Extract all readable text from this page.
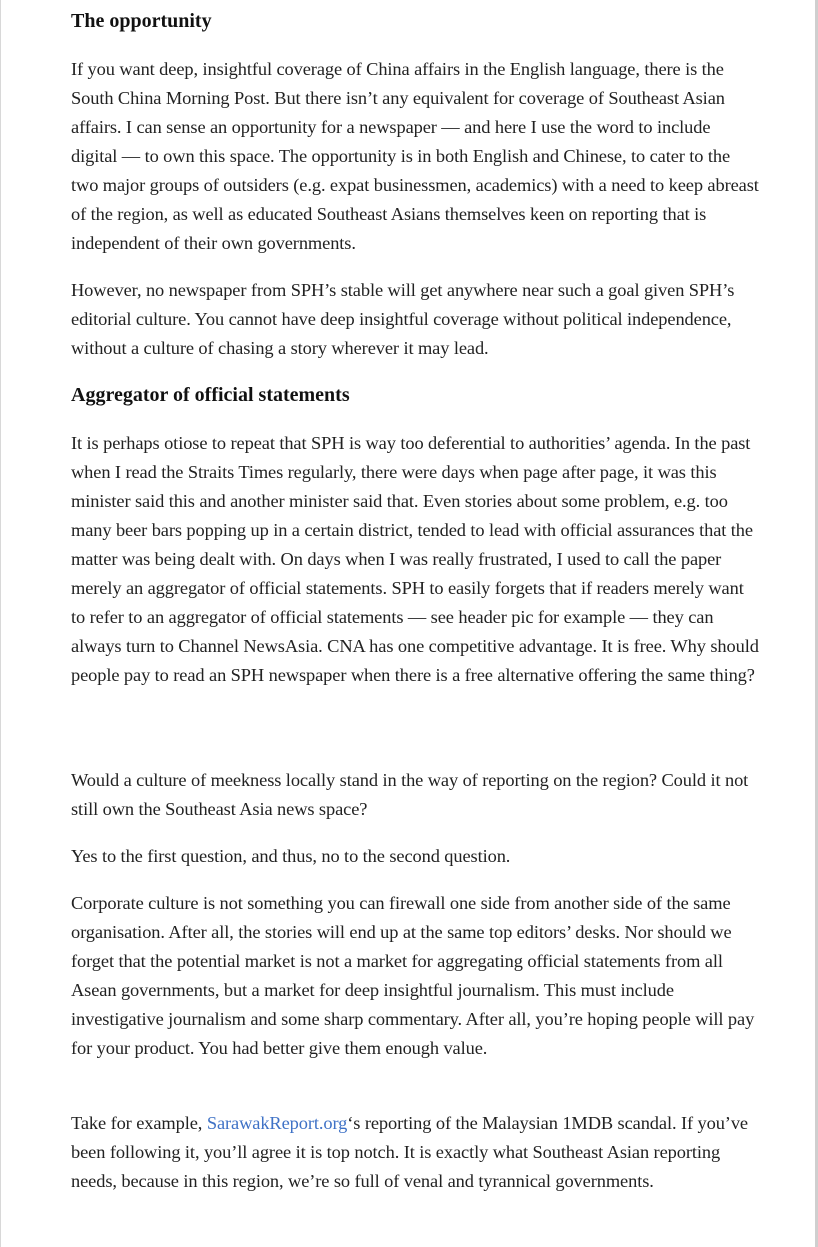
The opportunity

If you want deep, insightful coverage of China affairs in the English language, there is the South China Morning Post. But there isn’t any equivalent for coverage of Southeast Asian affairs. I can sense an opportunity for a newspaper — and here I use the word to include digital — to own this space. The opportunity is in both English and Chinese, to cater to the two major groups of outsiders (e.g. expat businessmen, academics) with a need to keep abreast of the region, as well as educated Southeast Asians themselves keen on reporting that is independent of their own governments.

However, no newspaper from SPH’s stable will get anywhere near such a goal given SPH’s editorial culture. You cannot have deep insightful coverage without political independence, without a culture of chasing a story wherever it may lead.

Aggregator of official statements

It is perhaps otiose to repeat that SPH is way too deferential to authorities’ agenda. In the past when I read the Straits Times regularly, there were days when page after page, it was this minister said this and another minister said that. Even stories about some problem, e.g. too many beer bars popping up in a certain district, tended to lead with official assurances that the matter was being dealt with. On days when I was really frustrated, I used to call the paper merely an aggregator of official statements. SPH to easily forgets that if readers merely want to refer to an aggregator of official statements — see header pic for example — they can always turn to Channel NewsAsia. CNA has one competitive advantage. It is free. Why should people pay to read an SPH newspaper when there is a free alternative offering the same thing?

Would a culture of meekness locally stand in the way of reporting on the region? Could it not still own the Southeast Asia news space?

Yes to the first question, and thus, no to the second question.

Corporate culture is not something you can firewall one side from another side of the same organisation. After all, the stories will end up at the same top editors’ desks. Nor should we forget that the potential market is not a market for aggregating official statements from all Asean governments, but a market for deep insightful journalism. This must include investigative journalism and some sharp commentary. After all, you’re hoping people will pay for your product. You had better give them enough value.

Take for example, SarawakReport.org‘s reporting of the Malaysian 1MDB scandal. If you’ve been following it, you’ll agree it is top notch. It is exactly what Southeast Asian reporting needs, because in this region, we’re so full of venal and tyrannical governments.
